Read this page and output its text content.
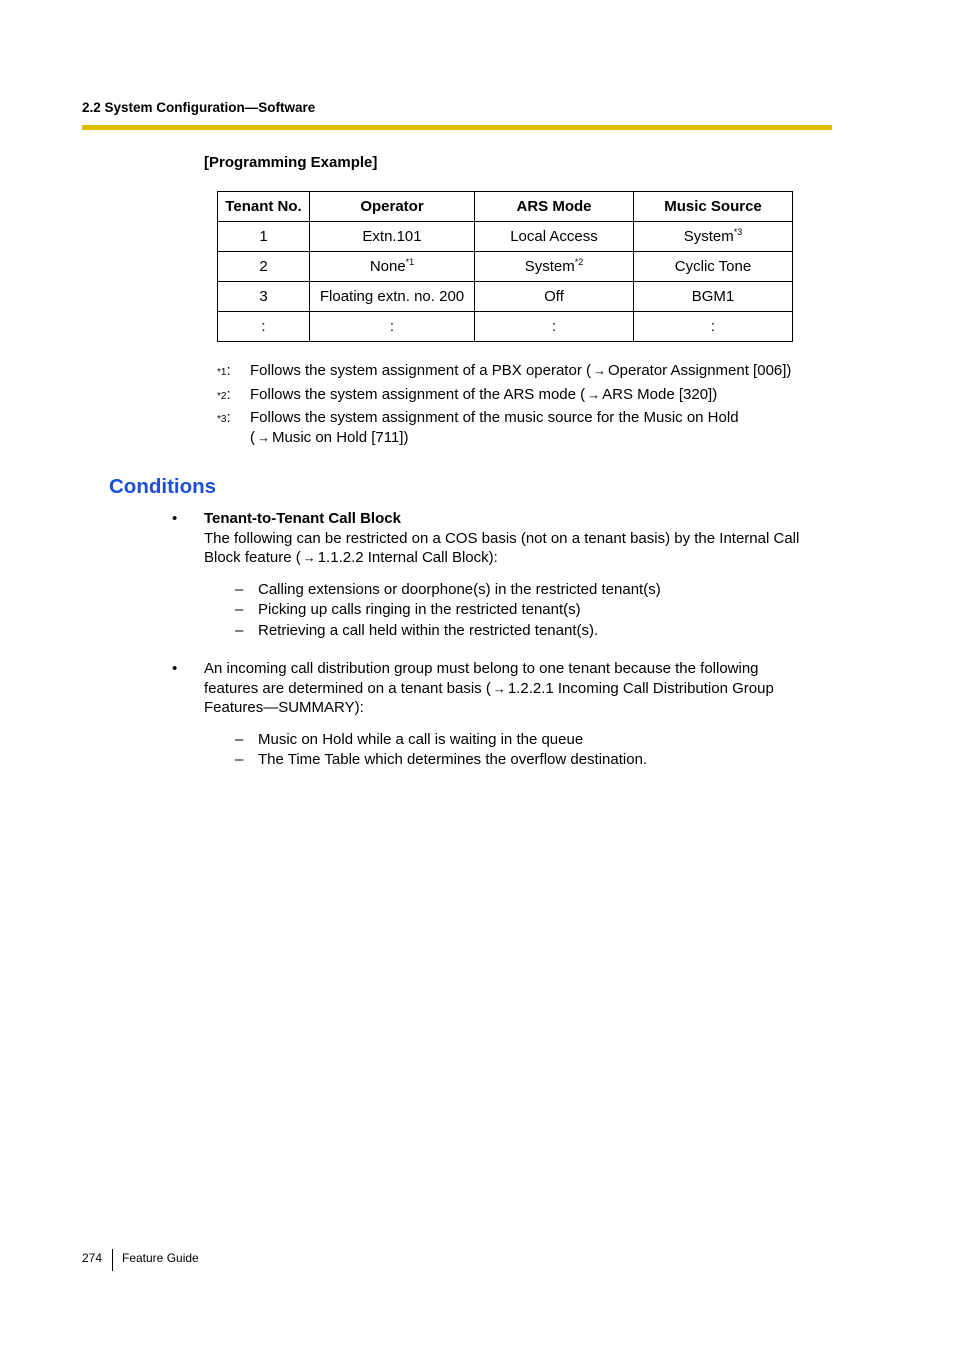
2.2 System Configuration—Software
[Programming Example]
Tenant No.	Operator	ARS Mode	Music Source
1	Extn.101	Local Access	System$^{*3}$
2	None$^{*1}$	System$^{*2}$	Cyclic Tone
3	Floating extn. no. 200	Off	BGM1
:	:	:	:
*1:	Follows the system assignment of a PBX operator ( → Operator Assignment [006])
*2:	Follows the system assignment of the ARS mode ( → ARS Mode [320])
*3:	Follows the system assignment of the music source for the Music on Hold
( → Music on Hold [711])
Conditions
• Tenant-to-Tenant Call Block
The following can be restricted on a COS basis (not on a tenant basis) by the Internal Call
Block feature ( → 1.1.2.2 Internal Call Block):
– Calling extensions or doorphone(s) in the restricted tenant(s)
– Picking up calls ringing in the restricted tenant(s)
– Retrieving a call held within the restricted tenant(s).
• An incoming call distribution group must belong to one tenant because the following
features are determined on a tenant basis ( → 1.2.2.1 Incoming Call Distribution Group
Features—SUMMARY):
– Music on Hold while a call is waiting in the queue
– The Time Table which determines the overflow destination.
274 Feature Guide
